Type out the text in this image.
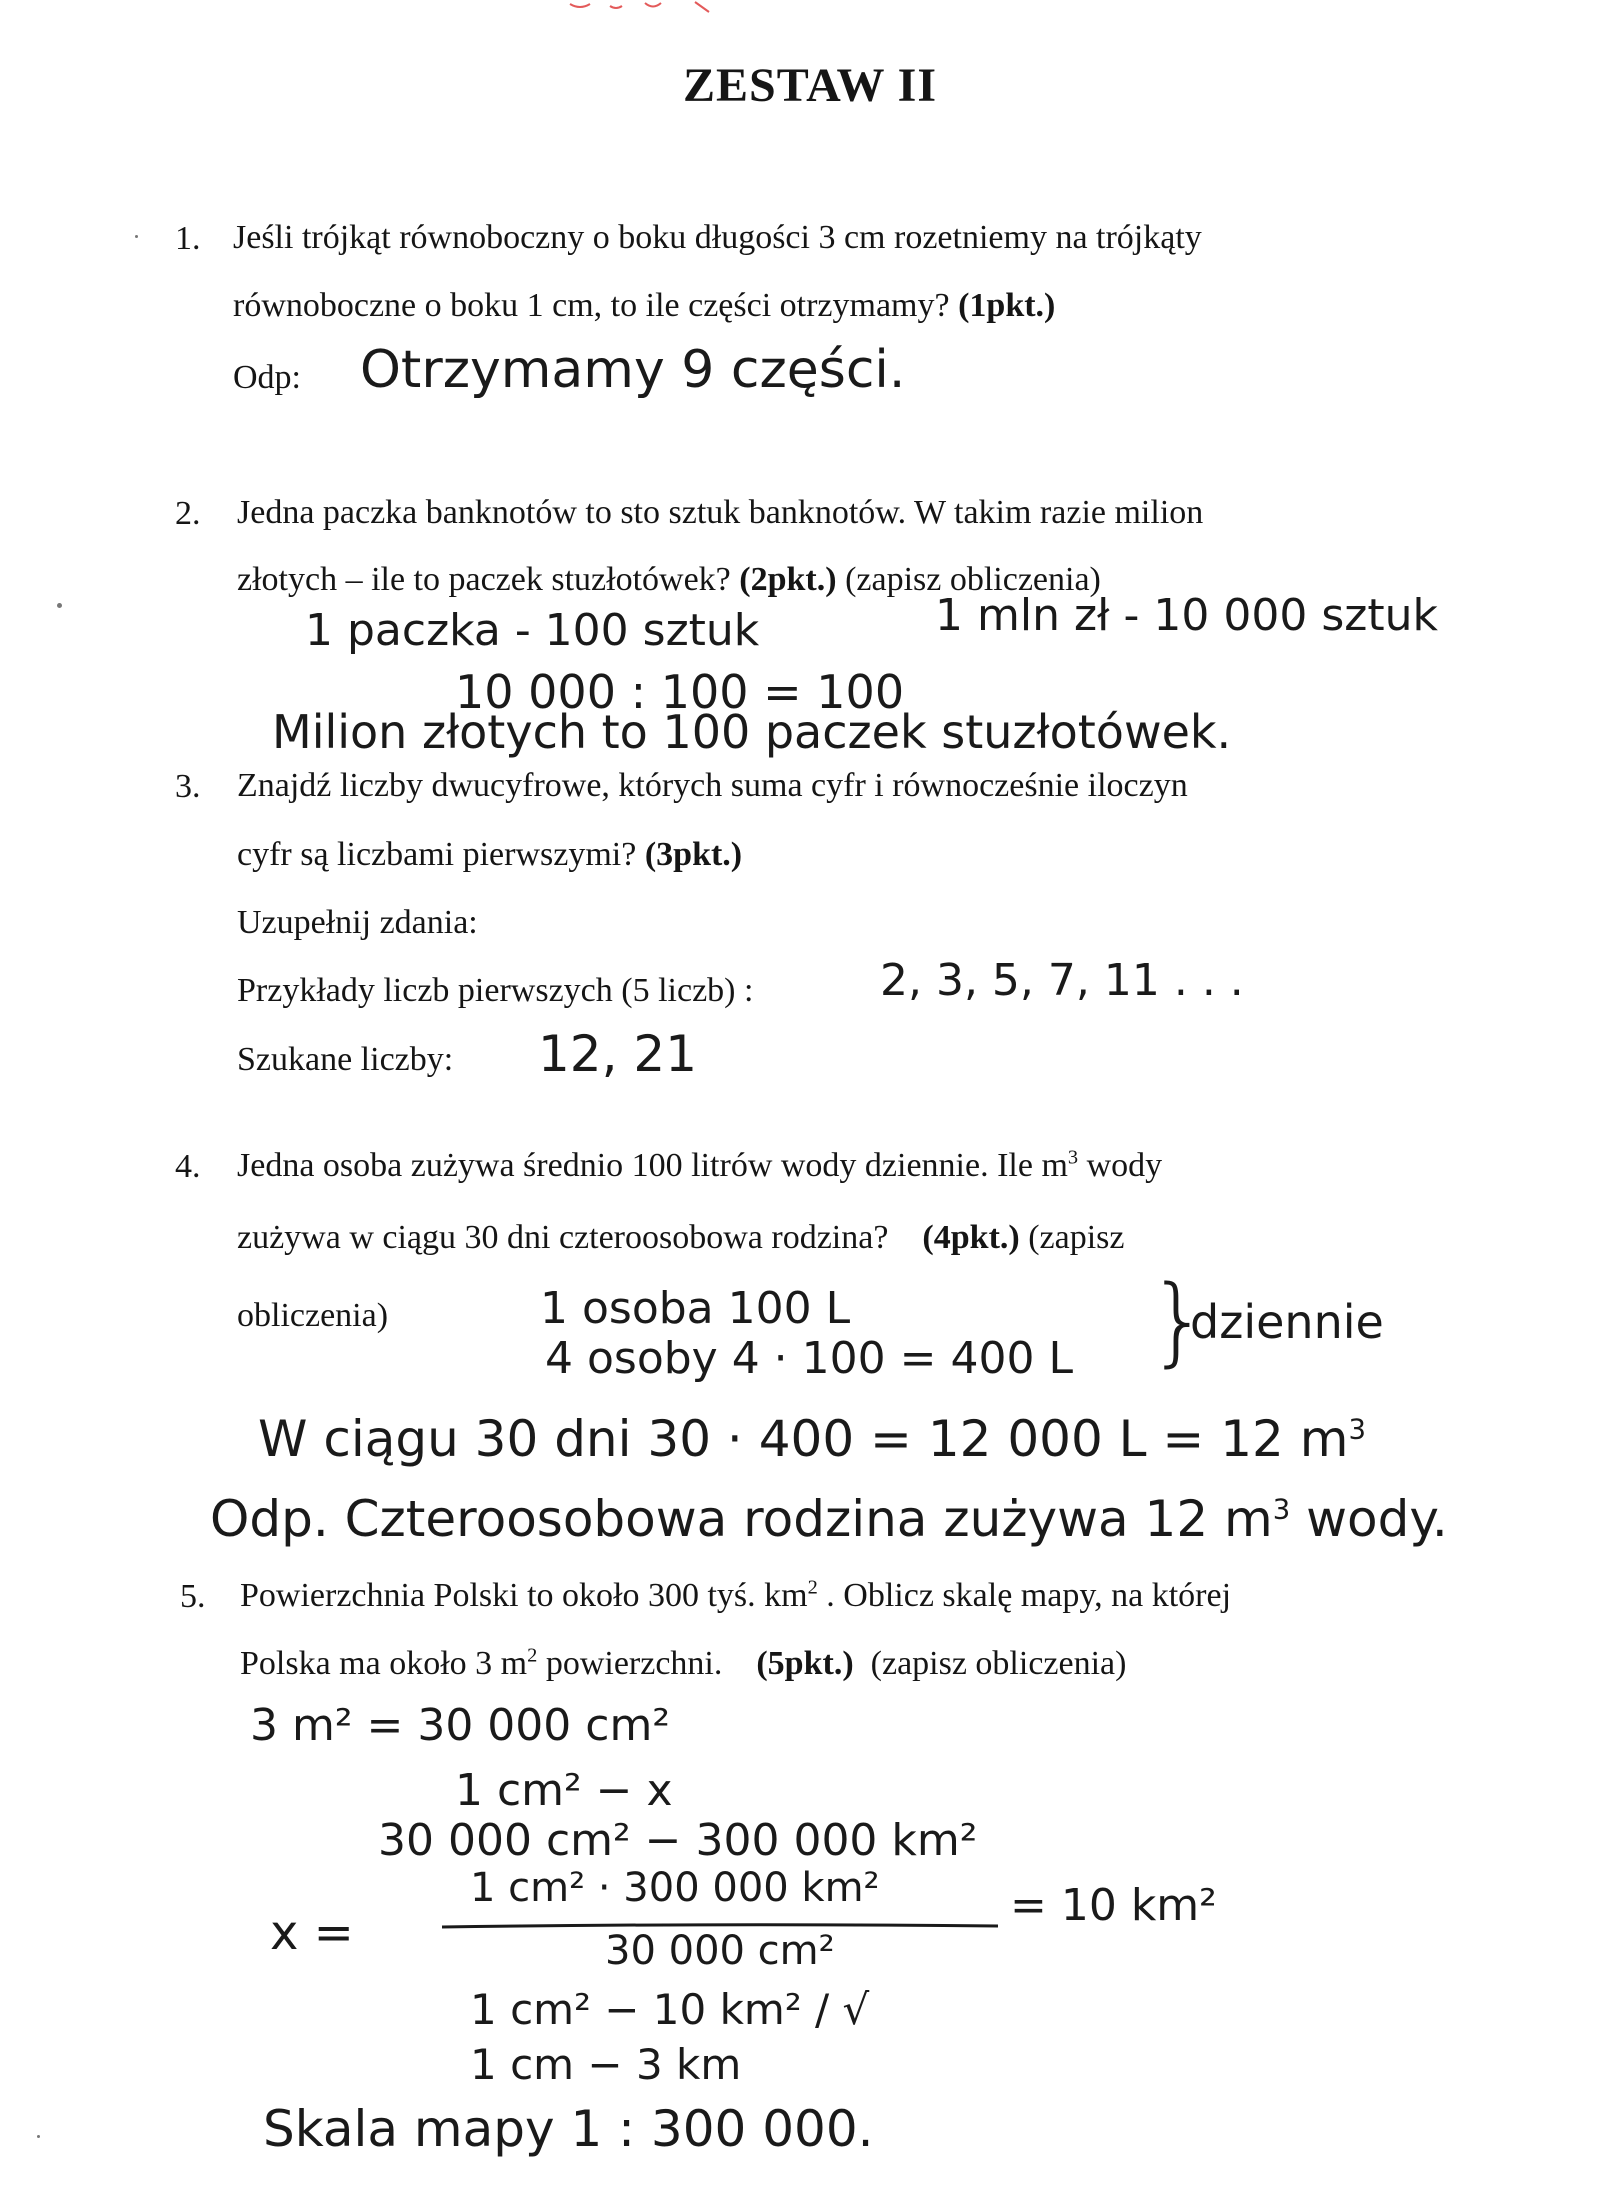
ZESTAW II
1. Jeśli trójkąt równoboczny o boku długości 3 cm rozetniemy na trójkąty
równoboczne o boku 1 cm, to ile części otrzymamy? (1pkt.)
Odp: Otrzymamy 9 części.
2. Jedna paczka banknotów to sto sztuk banknotów. W takim razie milion
złotych – ile to paczek stuzłotówek? (2pkt.) (zapisz obliczenia)
1 paczka - 100 sztuk	1 mln zł - 10 000 sztuk
10 000 : 100 = 100
Milion złotych to 100 paczek stuzłotówek.
3. Znajdź liczby dwucyfrowe, których suma cyfr i równocześnie iloczyn
cyfr są liczbami pierwszymi? (3pkt.)
Uzupełnij zdania:
Przykłady liczb pierwszych (5 liczb) :	2, 3, 5, 7, 11 . . .
Szukane liczby: 12, 21
4. Jedna osoba zużywa średnio 100 litrów wody dziennie. Ile $m^3$ wody
zużywa w ciągu 30 dni czteroosobowa rodzina? (4pkt.) (zapisz
obliczenia)	1 osoba 100 L
4 osoby 4 · 100 = 400 L }
dziennie
W ciągu 30 dni 30 · 400 = 12 000 L = 12 $m^3$
Odp. Czteroosobowa rodzina zużywa 12 $m^3$ wody.
5. Powierzchnia Polski to około 300 tyś. $km^2$ . Oblicz skalę mapy, na której
Polska ma około 3 $m^2$ powierzchni. (5pkt.) (zapisz obliczenia)
3 m² = 30 000 cm²
1 cm² − x
30 000 cm² − 300 000 km²
x =
1 cm² · 300 000 km²
30 000 cm²
= 10 km²
1 cm² − 10 km² / √
1 cm − 3 km
Skala mapy 1 : 300 000.
